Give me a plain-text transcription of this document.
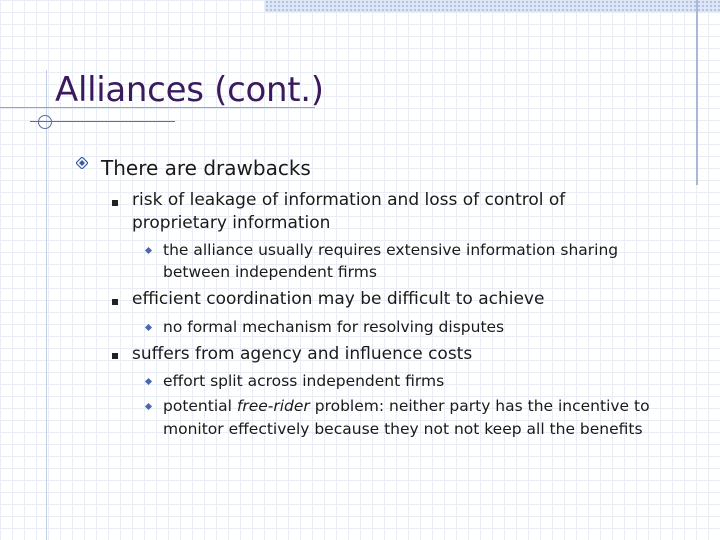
Alliances (cont.)
There are drawbacks
risk of leakage of information and loss of control of
proprietary information
the alliance usually requires extensive information sharing
between independent firms
efficient coordination may be difficult to achieve
no formal mechanism for resolving disputes
suffers from agency and influence costs
effort split across independent firms
potential free-rider problem: neither party has the incentive to
monitor effectively because they not not keep all the benefits
